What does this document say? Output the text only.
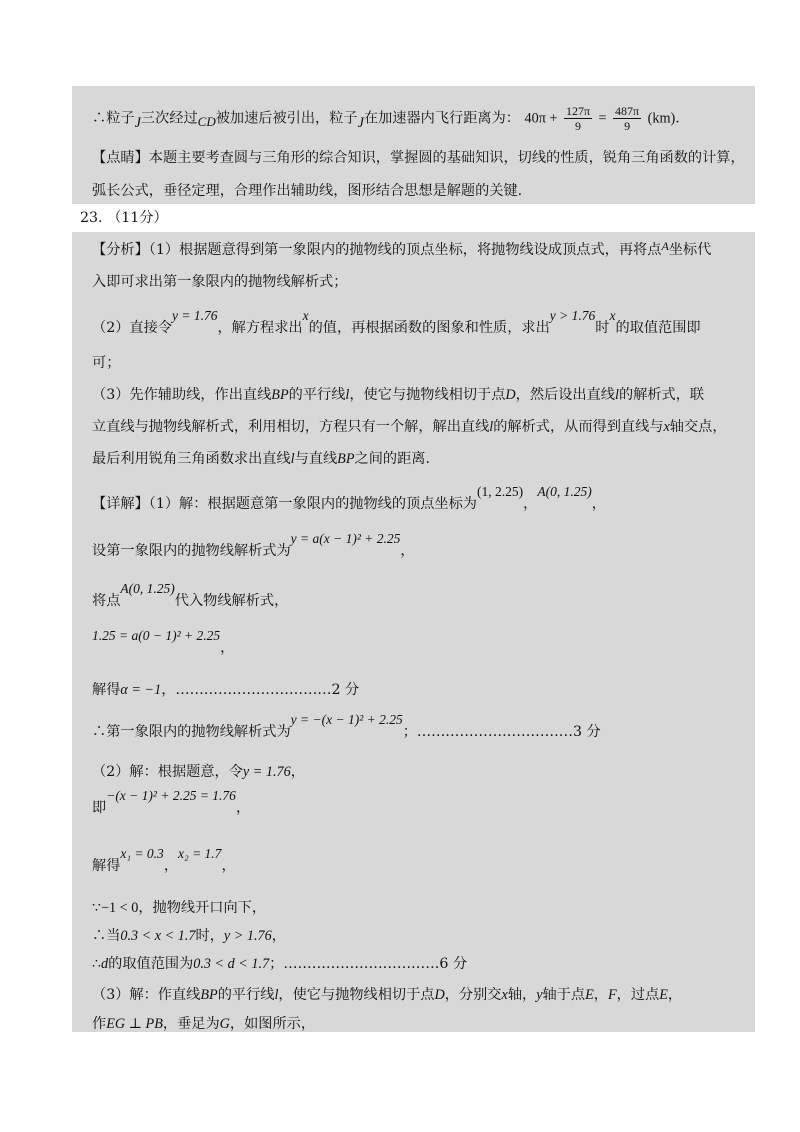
∴粒子J三次经过CD被加速后被引出，粒子J在加速器内飞行距离为： $40\pi + \frac{127\pi}{9} = \frac{487\pi}{9} (km)$.
【点睛】本题主要考查圆与三角形的综合知识，掌握圆的基础知识，切线的性质，锐角三角函数的计算，
弧长公式，垂径定理，合理作出辅助线，图形结合思想是解题的关键.
23. （11分）
【分析】（1）根据题意得到第一象限内的抛物线的顶点坐标，将抛物线设成顶点式，再将点$^A$坐标代
入即可求出第一象限内的抛物线解析式；
（2）直接令y = 1.76，解方程求出x的值，再根据函数的图象和性质，求出y > 1.76时x的取值范围即
可；
（3）先作辅助线，作出直线BP的平行线l，使它与抛物线相切于点D，然后设出直线l的解析式，联
立直线与抛物线解析式，利用相切，方程只有一个解，解出直线l的解析式，从而得到直线与x轴交点，
最后利用锐角三角函数求出直线l与直线BP之间的距离.
【详解】（1）解：根据题意第一象限内的抛物线的顶点坐标为(1, 2.25)，A(0, 1.25)，
设第一象限内的抛物线解析式为y = a(x − 1)² + 2.25，
将点A(0, 1.25)代入物线解析式，
1.25 = a(0 − 1)² + 2.25，
解得α = −1，……………………………2 分
∴第一象限内的抛物线解析式为y = −(x − 1)² + 2.25；……………………………3 分
（2）解：根据题意，令y = 1.76，
即−(x − 1)² + 2.25 = 1.76，
解得x₁ = 0.3，x₂ = 1.7，
∵−1 < 0，抛物线开口向下，
∴当0.3 < x < 1.7时，y > 1.76，
∴d的取值范围为0.3 < d < 1.7；……………………………6 分
（3）解：作直线BP的平行线l，使它与抛物线相切于点D，分别交x轴，y轴于点E，F，过点E，
作EG ⊥ PB，垂足为G，如图所示，
